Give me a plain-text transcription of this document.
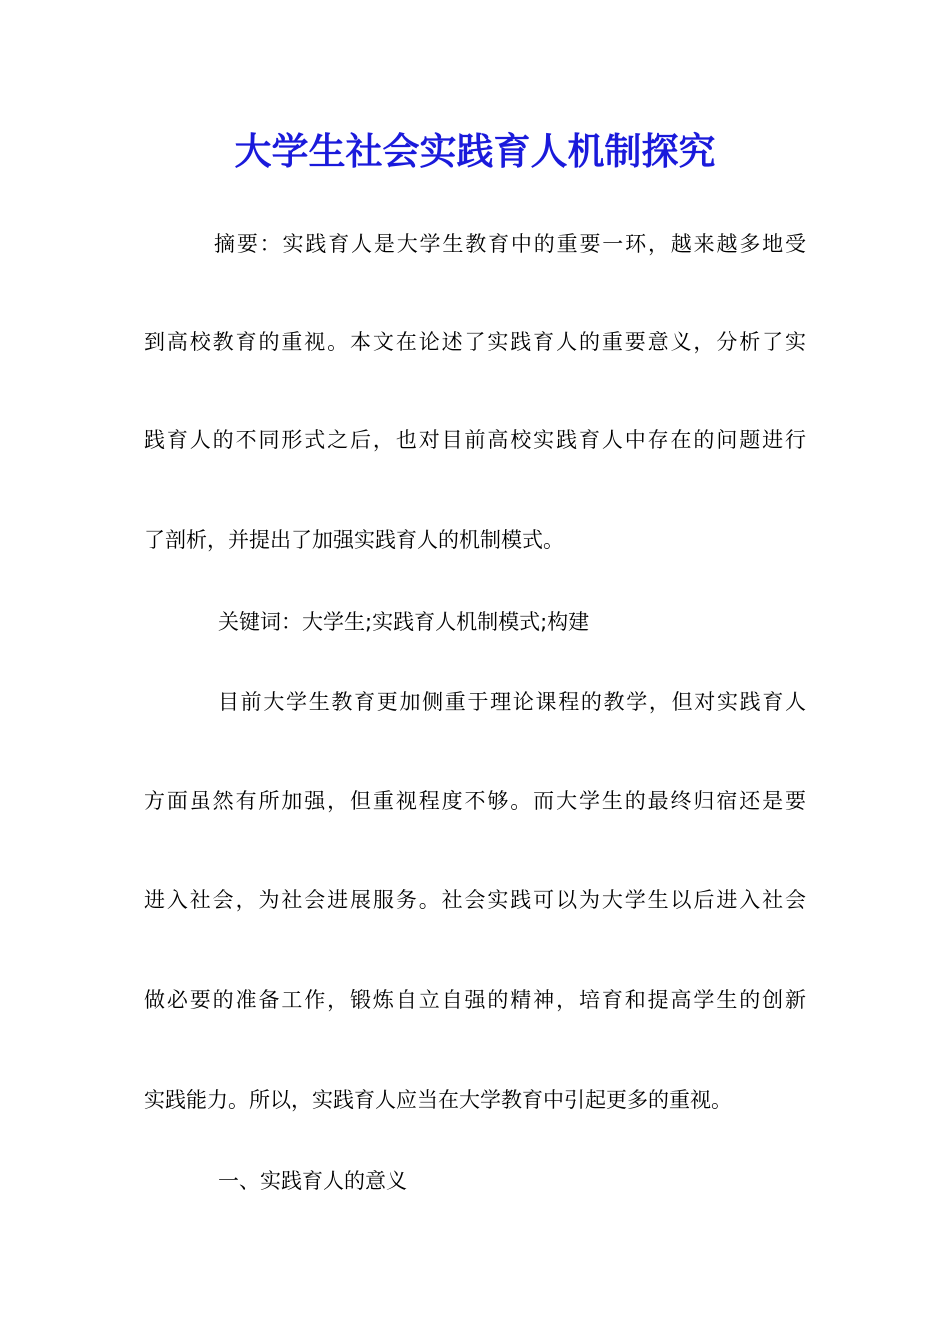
大学生社会实践育人机制探究
摘要：实践育人是大学生教育中的重要一环，越来越多地受
到高校教育的重视。本文在论述了实践育人的重要意义，分析了实
践育人的不同形式之后，也对目前高校实践育人中存在的问题进行
了剖析，并提出了加强实践育人的机制模式。
关键词：大学生;实践育人机制模式;构建
目前大学生教育更加侧重于理论课程的教学，但对实践育人
方面虽然有所加强，但重视程度不够。而大学生的最终归宿还是要
进入社会，为社会进展服务。社会实践可以为大学生以后进入社会
做必要的准备工作，锻炼自立自强的精神，培育和提高学生的创新
实践能力。所以，实践育人应当在大学教育中引起更多的重视。
一、实践育人的意义
